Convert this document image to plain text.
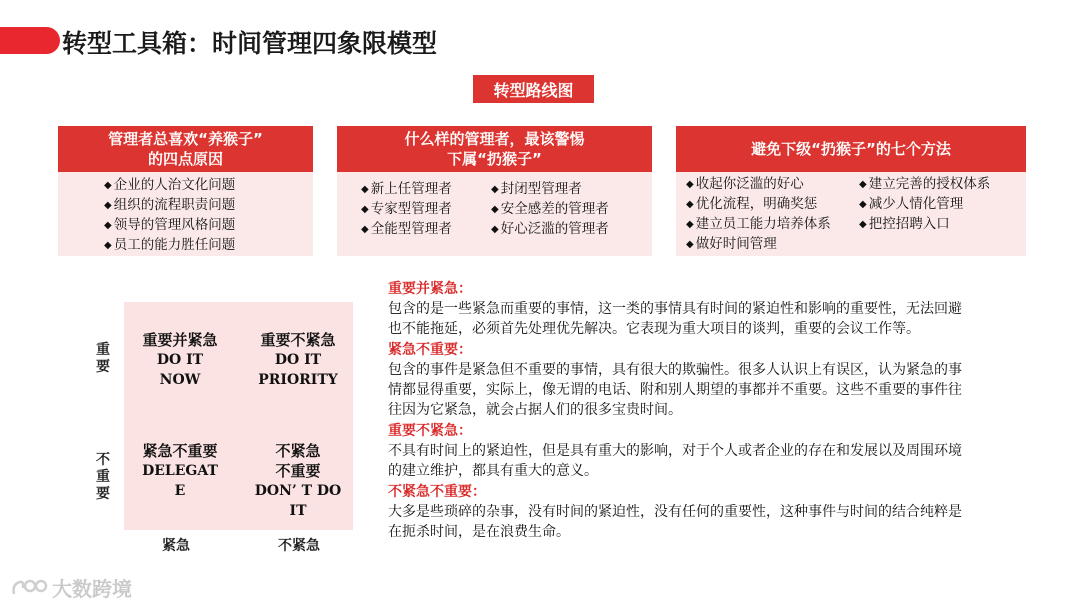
转型工具箱：时间管理四象限模型
转型路线图
管理者总喜欢“养猴子”
的四点原因
◆ 企业的人治文化问题
◆ 组织的流程职责问题
◆ 领导的管理风格问题
◆ 员工的能力胜任问题
什么样的管理者，最该警惕
下属“扔猴子”
◆ 新上任管理者
◆ 专家型管理者
◆ 全能型管理者
◆ 封闭型管理者
◆ 安全感差的管理者
◆ 好心泛滥的管理者
避免下级“扔猴子”的七个方法
◆ 收起你泛滥的好心
◆ 优化流程，明确奖惩
◆ 建立员工能力培养体系
◆ 做好时间管理
◆ 建立完善的授权体系
◆ 减少人情化管理
◆ 把控招聘入口
重要
不重要
重要并紧急
DO IT
NOW
重要不紧急
DO IT
PRIORITY
紧急不重要
DELEGAT
E
不紧急
不重要
DON’ T DO
IT
紧急	不紧急
重要并紧急：
包含的是一些紧急而重要的事情，这一类的事情具有时间的紧迫性和影响的重要性，无法回避也不能拖延，必须首先处理优先解决。它表现为重大项目的谈判，重要的会议工作等。
紧急不重要：
包含的事件是紧急但不重要的事情，具有很大的欺骗性。很多人认识上有误区，认为紧急的事情都显得重要，实际上，像无谓的电话、附和别人期望的事都并不重要。这些不重要的事件往往因为它紧急，就会占据人们的很多宝贵时间。
重要不紧急：
不具有时间上的紧迫性，但是具有重大的影响，对于个人或者企业的存在和发展以及周围环境的建立维护，都具有重大的意义。
不紧急不重要：
大多是些琐碎的杂事，没有时间的紧迫性，没有任何的重要性，这种事件与时间的结合纯粹是在扼杀时间，是在浪费生命。
大数跨境
